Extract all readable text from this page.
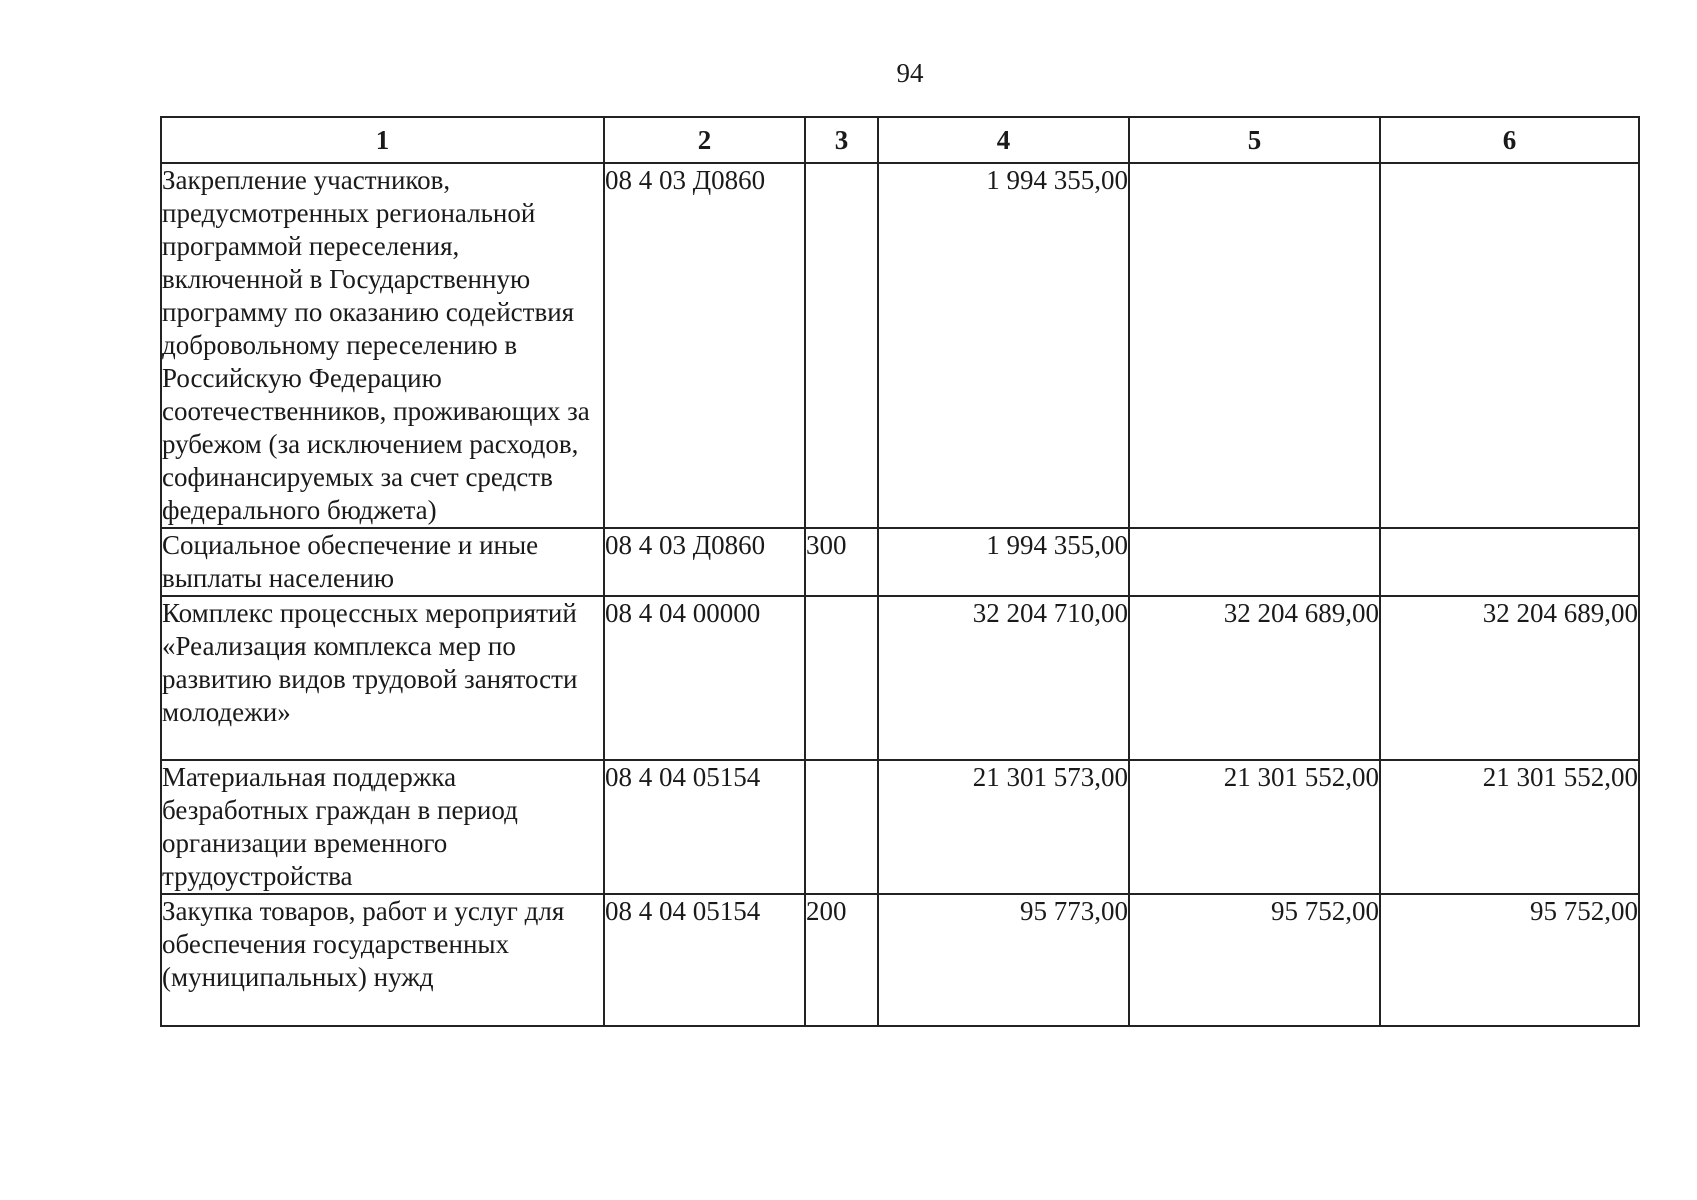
94
1	2	3	4	5	6
Закрепление участников, предусмотренных региональной программой переселения, включенной в Государственную программу по оказанию содействия добровольному переселению в Российскую Федерацию соотечественников, проживающих за рубежом (за исключением расходов, софинансируемых за счет средств федерального бюджета)	08 4 03 Д0860		1 994 355,00		
Социальное обеспечение и иные выплаты населению	08 4 03 Д0860	300	1 994 355,00		
Комплекс процессных мероприятий «Реализация комплекса мер по развитию видов трудовой занятости молодежи»	08 4 04 00000		32 204 710,00	32 204 689,00	32 204 689,00
Материальная поддержка безработных граждан в период организации временного трудоустройства	08 4 04 05154		21 301 573,00	21 301 552,00	21 301 552,00
Закупка товаров, работ и услуг для обеспечения государственных (муниципальных) нужд	08 4 04 05154	200	95 773,00	95 752,00	95 752,00
